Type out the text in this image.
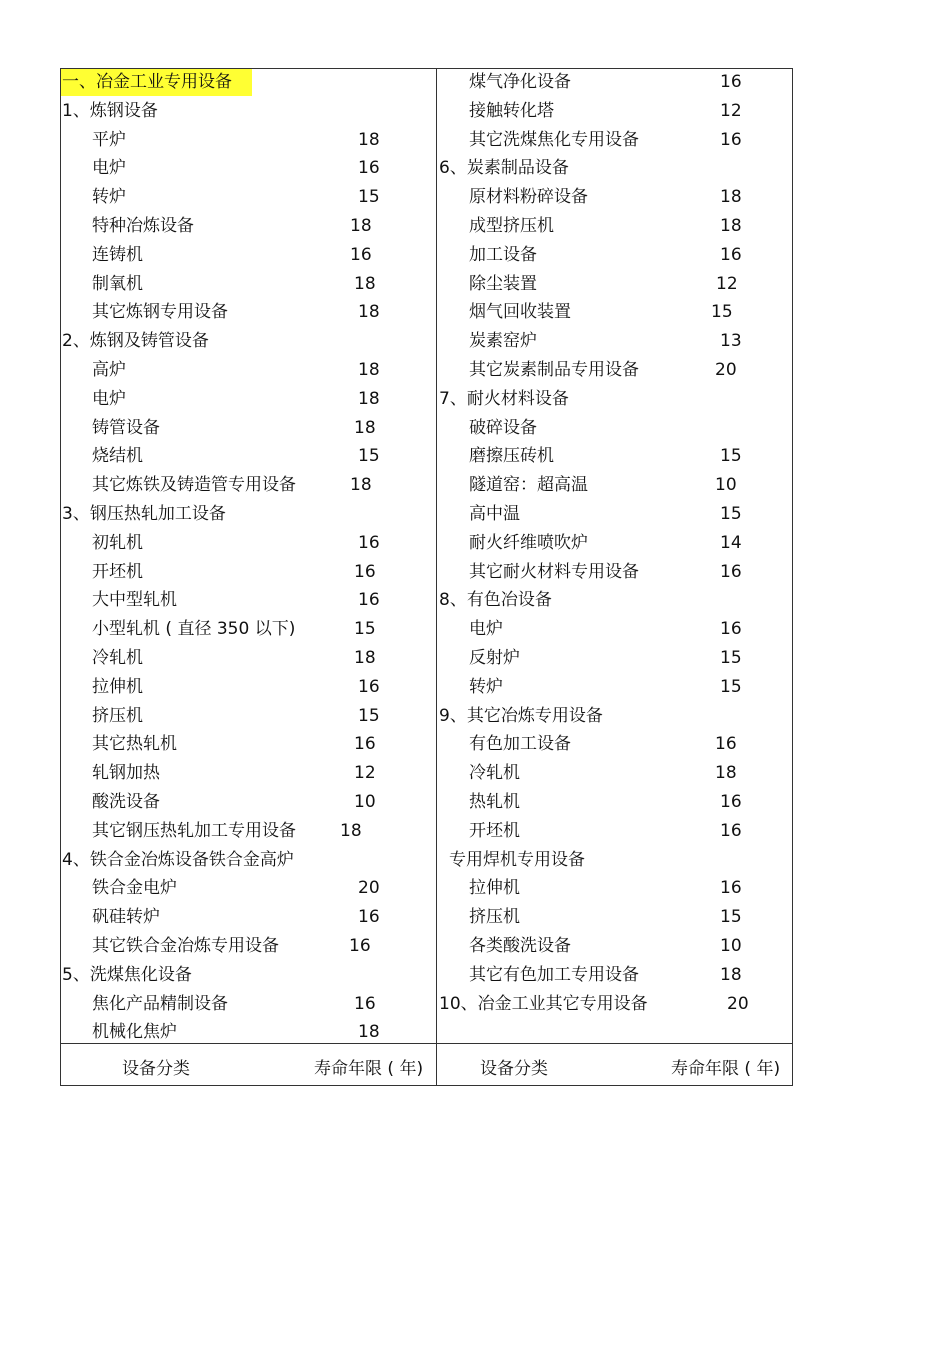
一、冶金工业专用设备
1、炼钢设备
平炉	18
电炉	16
转炉	15
特种冶炼设备	18
连铸机	16
制氧机	18
其它炼钢专用设备	18
2、炼钢及铸管设备
高炉	18
电炉	18
铸管设备	18
烧结机	15
其它炼铁及铸造管专用设备	18
3、钢压热轧加工设备
初轧机	16
开坯机	16
大中型轧机	16
小型轧机 ( 直径 350 以下)	15
冷轧机	18
拉伸机	16
挤压机	15
其它热轧机	16
轧钢加热	12
酸洗设备	10
其它钢压热轧加工专用设备	18
4、铁合金冶炼设备铁合金高炉
铁合金电炉	20
矾硅转炉	16
其它铁合金冶炼专用设备	16
5、洗煤焦化设备
焦化产品精制设备	16
机械化焦炉	18
煤气净化设备	16
接触转化塔	12
其它洗煤焦化专用设备	16
6、炭素制品设备
原材料粉碎设备	18
成型挤压机	18
加工设备	16
除尘装置	12
烟气回收装置	15
炭素窑炉	13
其它炭素制品专用设备	20
7、耐火材料设备
破碎设备
磨擦压砖机	15
隧道窑：超高温	10
高中温	15
耐火纤维喷吹炉	14
其它耐火材料专用设备	16
8、有色冶设备
电炉	16
反射炉	15
转炉	15
9、其它冶炼专用设备
有色加工设备	16
冷轧机	18
热轧机	16
开坯机	16
专用焊机专用设备
拉伸机	16
挤压机	15
各类酸洗设备	10
其它有色加工专用设备	18
10、冶金工业其它专用设备	20
设备分类	寿命年限 ( 年)	设备分类	寿命年限 ( 年)
